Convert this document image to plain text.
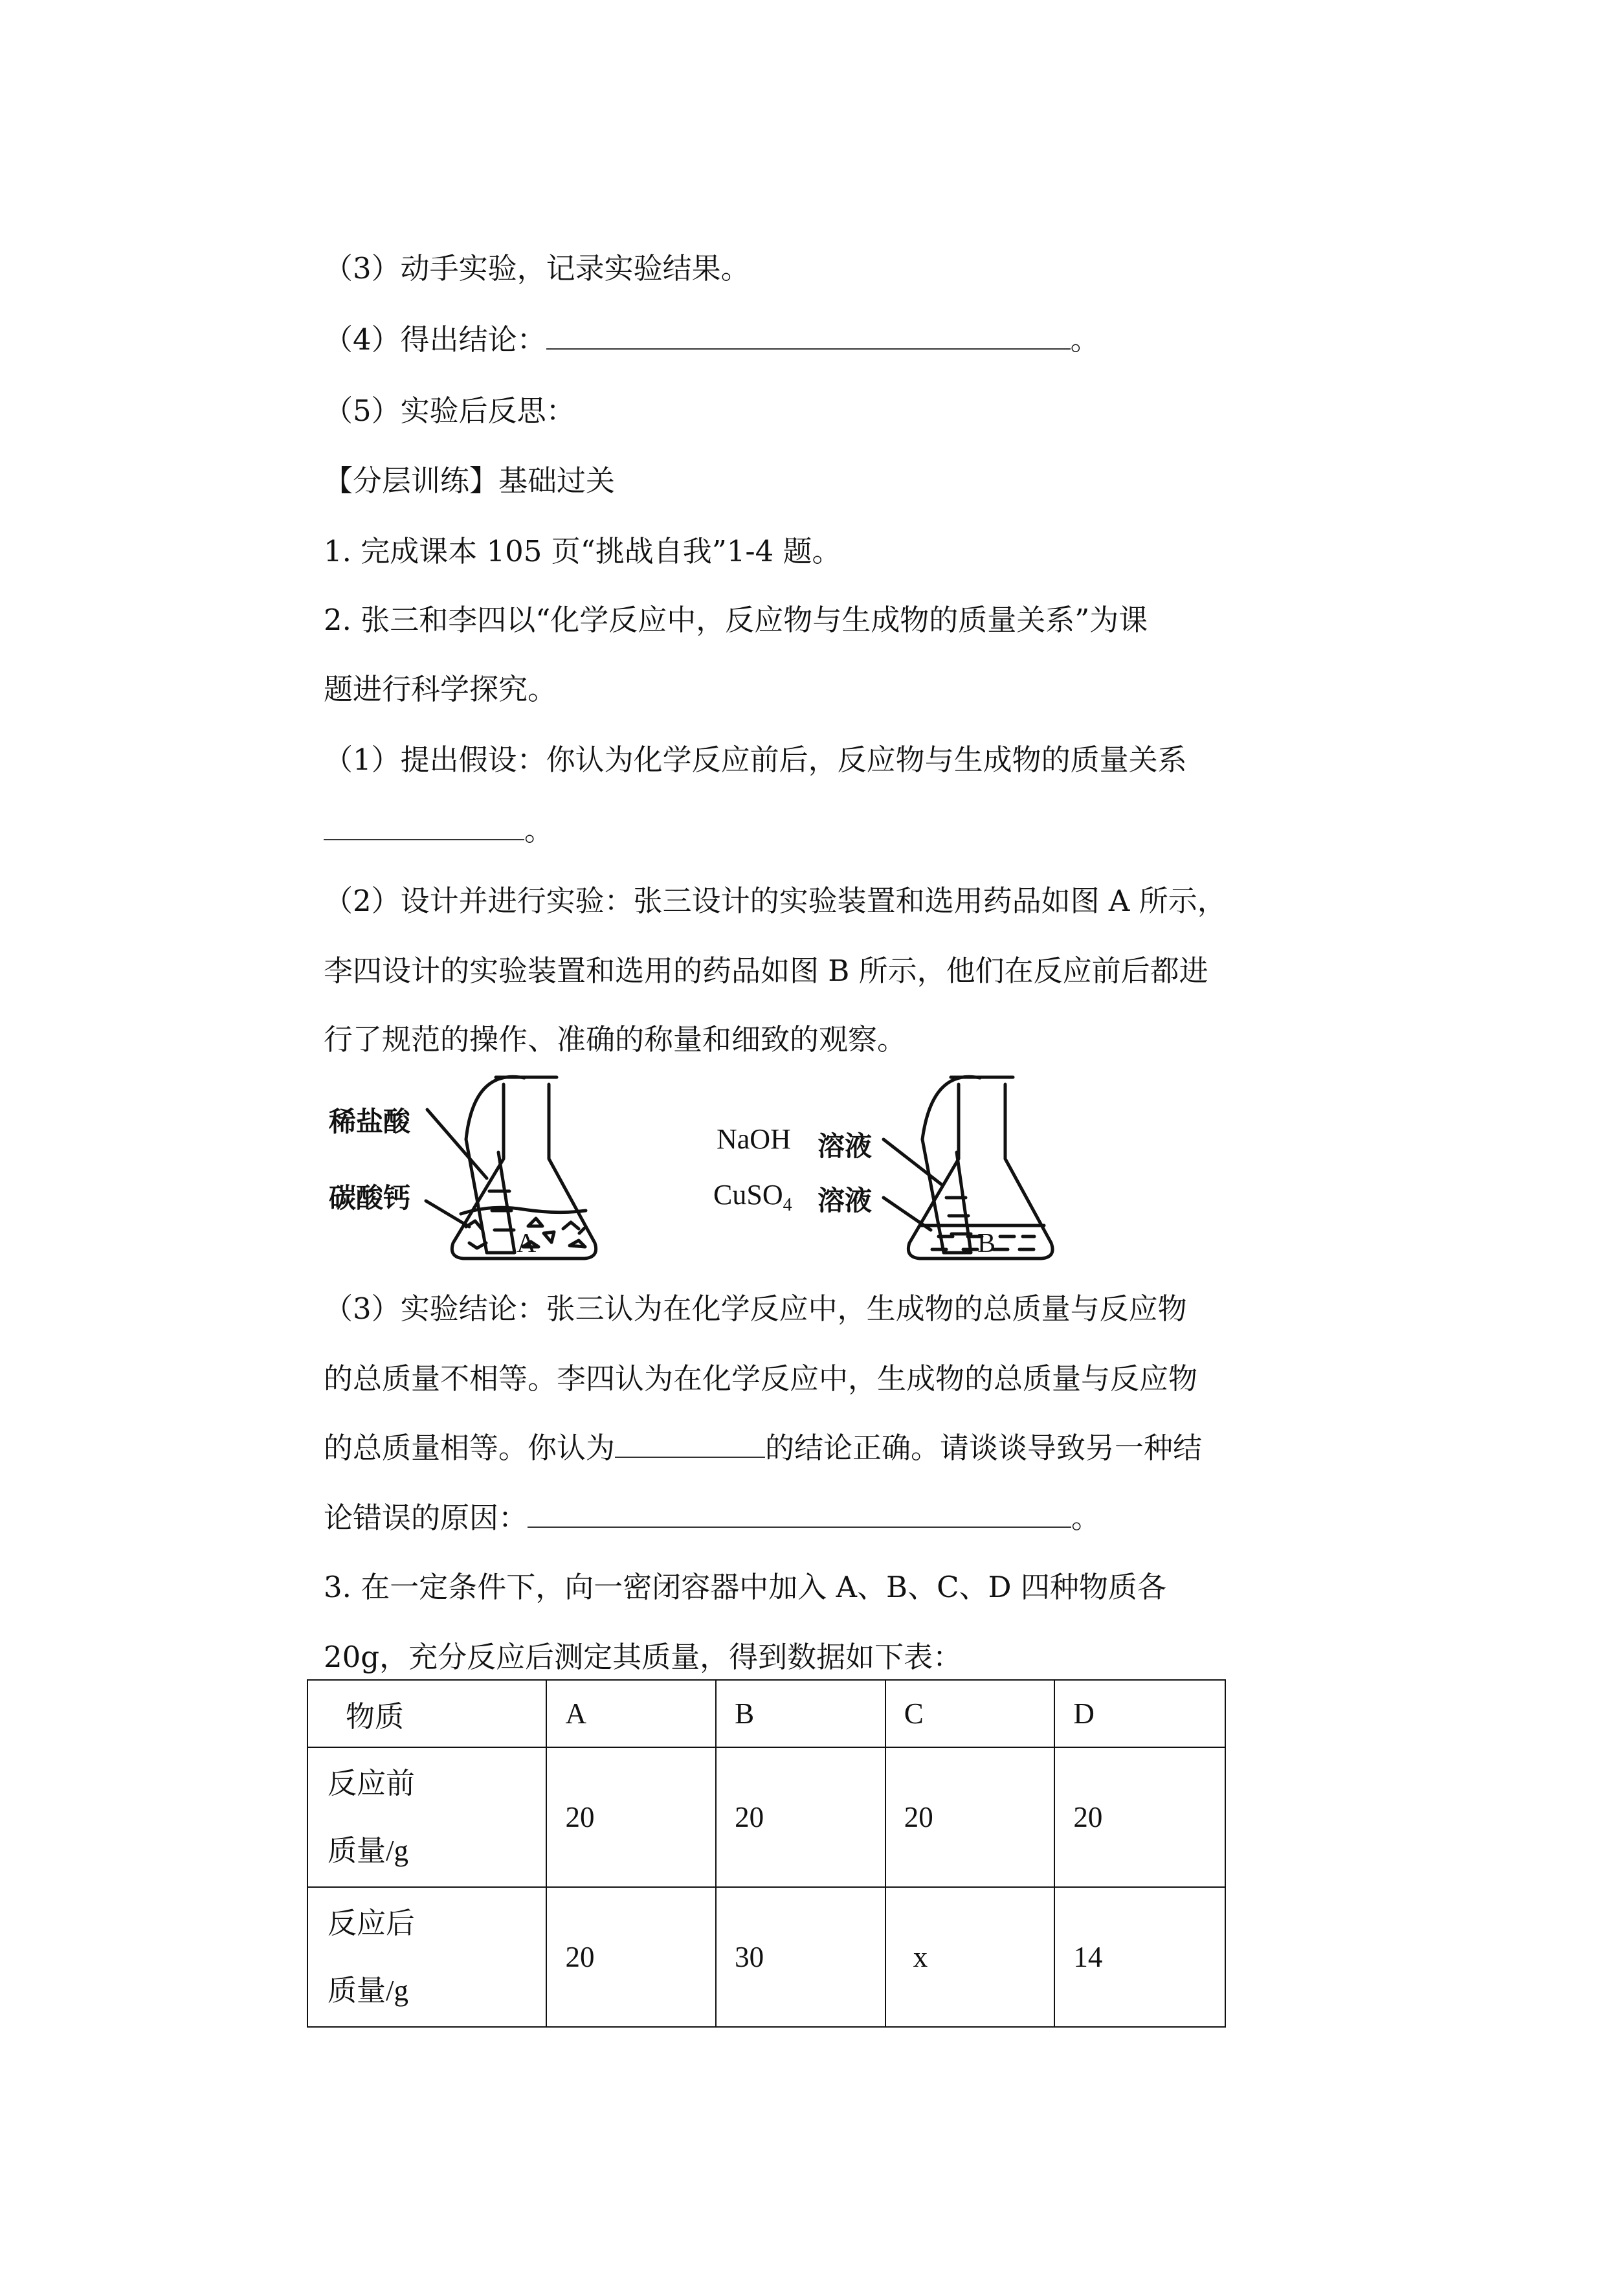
（3）动手实验，记录实验结果。
（4）得出结论：	。
（5）实验后反思：
【分层训练】基础过关
1. 完成课本 105 页“挑战自我”1-4 题。
2. 张三和李四以“化学反应中，反应物与生成物的质量关系”为课
题进行科学探究。
（1）提出假设：你认为化学反应前后，反应物与生成物的质量关系
。
（2）设计并进行实验：张三设计的实验装置和选用药品如图 A 所示，
李四设计的实验装置和选用的药品如图 B 所示，他们在反应前后都进
行了规范的操作、准确的称量和细致的观察。
稀盐酸
碳酸钙
A
NaOH 溶液
CuSO$_4$ 溶液
B
（3）实验结论：张三认为在化学反应中，生成物的总质量与反应物
的总质量不相等。李四认为在化学反应中，生成物的总质量与反应物
的总质量相等。你认为	的结论正确。请谈谈导致另一种结
论错误的原因：	。
3. 在一定条件下，向一密闭容器中加入 A、B、C、D 四种物质各
20g，充分反应后测定其质量，得到数据如下表：
物质	A	B	C	D

反应前
质量/g	20	20	20	20

反应后
质量/g	20	30	x	14
